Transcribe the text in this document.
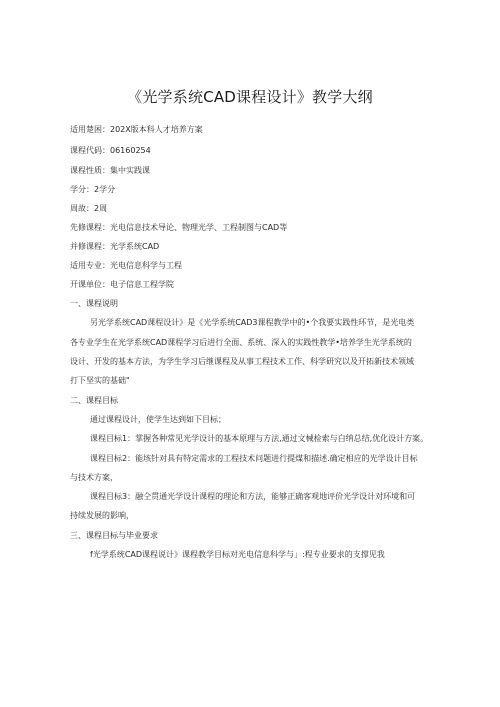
《光学系统CAD课程设计》教学大纲
适用楚困：202X版本科人才培养方案
课程代码：06160254
课程性质：集中实践课
学分：2学分
周故：2周
先修课程：光电信息技术导论、物理光学、工程制图与CAD等
并修课程：光学系统CAD
适用专业：光电信息科学与工程
开课单位：电子信息工程学院
一、课程说明
另光学系统CAD课程设计》是《光学系统CAD3课程教学中的•个我要实践性环节，是光电类
各专业学生在光学系统CAD课程学习后进行全面、系统、深入的实践性教学•培养学生光学系统的
设计、开发的基本方法，为学生学习后继课程及从事工程技术工作、科学研究以及开拓新技术领域
打下坚实的基础"
二、课程目标
通过课程设计，使学生达到如下目标；
课程目标1：掌握各种常见光学设计的基本原理与方法,通过文械检索与白纳总结,优化设计方案。
课程目标2：能垓针对具有特定需求的工程技术问题进行提煤和描述.确定相应的光学设计目标
与技术方案，
课程目标3：融仝贯通光学设计课程的理论和方法，能够正确客观地评价光学设计对环境和可
持续发展的影响，
三、课程目标与毕业要求
f光学系统CAD课程说计》课程教学目标对光电信息科学与」:程专业要求的支撑见我
